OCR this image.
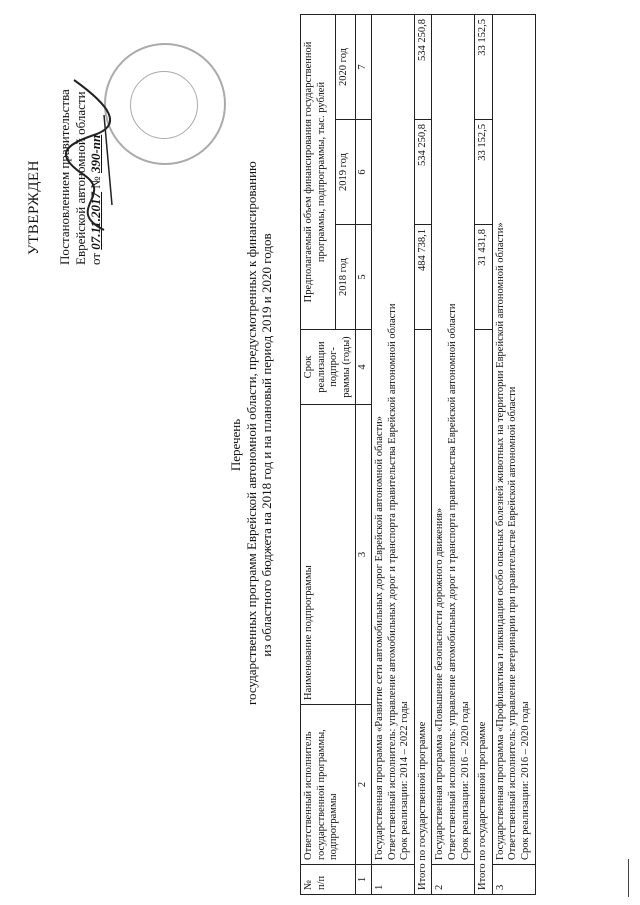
УТВЕРЖДЕН Постановлением правительства Еврейской автономной области от 07.11.2017 № 390-пп
Перечень государственных программ Еврейской автономной области, предусмотренных к финансированию из областного бюджета на 2018 год и на плановый период 2019 и 2020 годов
№ п/п	Ответственный исполнитель государственной программы, подпрограммы	Наименование подпрограммы	Срок реализации подпрог-раммы (годы)	Предполагаемый объем финансирования государственной программы, подпрограммы, тыс. рублей		
				2018 год	2019 год	2020 год
1	2	3	4	5	6	7
1	Государственная программа «Развитие сети автомобильных дорог Еврейской автономной области» Ответственный исполнитель: управление автомобильных дорог и транспорта правительства Еврейской автономной области Срок реализации: 2014 – 2022 годы					

Итого по государственной программе				484 738,1	534 250,8	534 250,8
2	Государственная программа «Повышение безопасности дорожного движения» Ответственный исполнитель: управление автомобильных дорог и транспорта правительства Еврейской автономной области Срок реализации: 2016 – 2020 годы					

Итого по государственной программе				31 431,8	33 152,5	33 152,5
3	Государственная программа «Профилактика и ликвидация особо опасных болезней животных на территории Еврейской автономной области» Ответственный исполнитель: управление ветеринарии при правительстве Еврейской автономной области Срок реализации: 2016 – 2020 годы					
